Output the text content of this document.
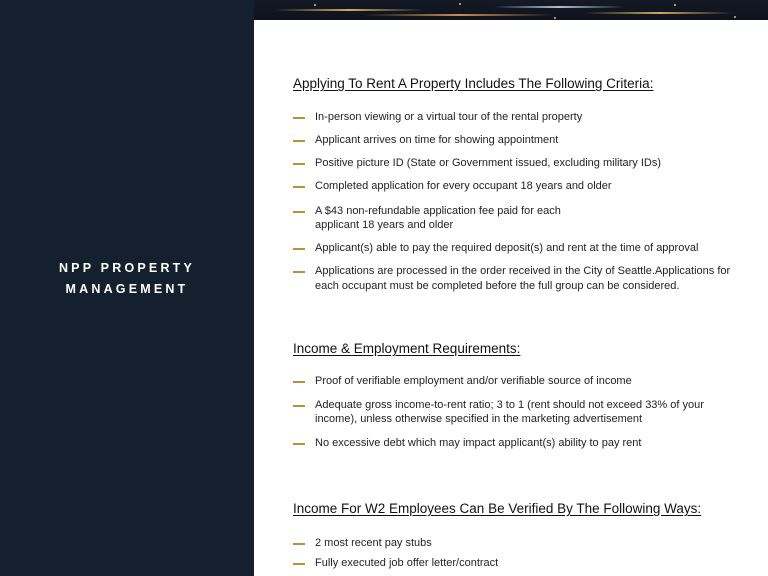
NPP PROPERTY
MANAGEMENT
Applying To Rent A Property Includes The Following Criteria:
In-person viewing or a virtual tour of the rental property
Applicant arrives on time for showing appointment
Positive picture ID (State or Government issued, excluding military IDs)
Completed application for every occupant 18 years and older
A $43 non-refundable application fee paid for each applicant 18 years and older
Applicant(s) able to pay the required deposit(s) and rent at the time of approval
Applications are processed in the order received in the City of Seattle.Applications for each occupant must be completed before the full group can be considered.
Income & Employment Requirements:
Proof of verifiable employment and/or verifiable source of income
Adequate gross income-to-rent ratio; 3 to 1 (rent should not exceed 33% of your income), unless otherwise specified in the marketing advertisement
No excessive debt which may impact applicant(s) ability to pay rent
Income For W2 Employees Can Be Verified By The Following Ways:
2 most recent pay stubs
Fully executed job offer letter/contract
